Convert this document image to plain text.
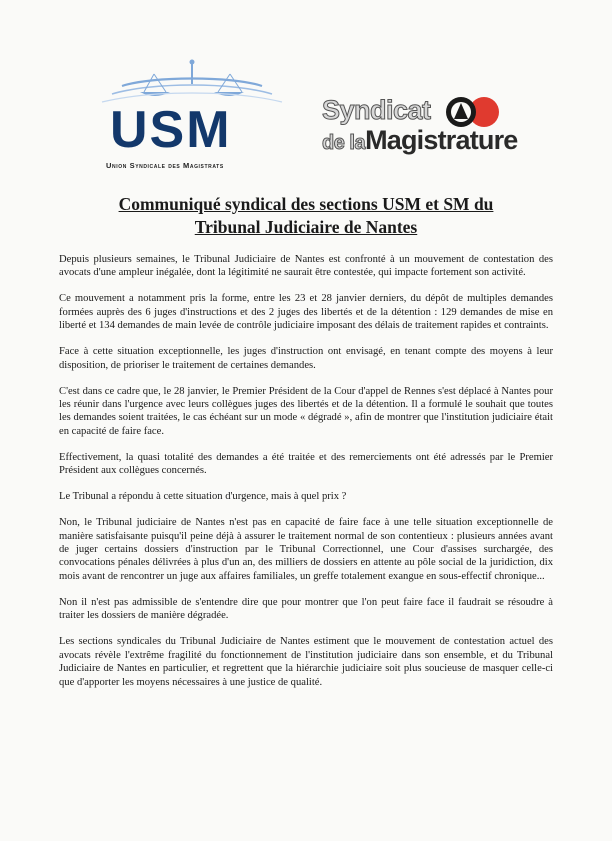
USM
Union Syndicale des Magistrats
Syndicat
de laMagistrature
Communiqué syndical des sections USM et SM du
Tribunal Judiciaire de Nantes

Depuis plusieurs semaines, le Tribunal Judiciaire de Nantes est confronté à un mouvement de contestation des avocats d'une ampleur inégalée, dont la légitimité ne saurait être contestée, qui impacte fortement son activité.

Ce mouvement a notamment pris la forme, entre les 23 et 28 janvier derniers, du dépôt de multiples demandes formées auprès des 6 juges d'instructions et des 2 juges des libertés et de la détention : 129 demandes de mise en liberté et 134 demandes de main levée de contrôle judiciaire imposant des délais de traitement rapides et contraints.

Face à cette situation exceptionnelle, les juges d'instruction ont envisagé, en tenant compte des moyens à leur disposition, de prioriser le traitement de certaines demandes.

C'est dans ce cadre que, le 28 janvier, le Premier Président de la Cour d'appel de Rennes s'est déplacé à Nantes pour les réunir dans l'urgence avec leurs collègues juges des libertés et de la détention. Il a formulé le souhait que toutes les demandes soient traitées, le cas échéant sur un mode « dégradé », afin de montrer que l'institution judiciaire était en capacité de faire face.

Effectivement, la quasi totalité des demandes a été traitée et des remerciements ont été adressés par le Premier Président aux collègues concernés.

Le Tribunal a répondu à cette situation d'urgence, mais à quel prix ?

Non, le Tribunal judiciaire de Nantes n'est pas en capacité de faire face à une telle situation exceptionnelle de manière satisfaisante puisqu'il peine déjà à assurer le traitement normal de son contentieux : plusieurs années avant de juger certains dossiers d'instruction par le Tribunal Correctionnel, une Cour d'assises surchargée, des convocations pénales délivrées à plus d'un an, des milliers de dossiers en attente au pôle social de la juridiction, dix mois avant de rencontrer un juge aux affaires familiales, un greffe totalement exangue en sous-effectif chronique...

Non il n'est pas admissible de s'entendre dire que pour montrer que l'on peut faire face il faudrait se résoudre à traiter les dossiers de manière dégradée.

Les sections syndicales du Tribunal Judiciaire de Nantes estiment que le mouvement de contestation actuel des avocats révèle l'extrême fragilité du fonctionnement de l'institution judiciaire dans son ensemble, et du Tribunal Judiciaire de Nantes en particulier, et regrettent que la hiérarchie judiciaire soit plus soucieuse de masquer celle-ci que d'apporter les moyens nécessaires à une justice de qualité.
